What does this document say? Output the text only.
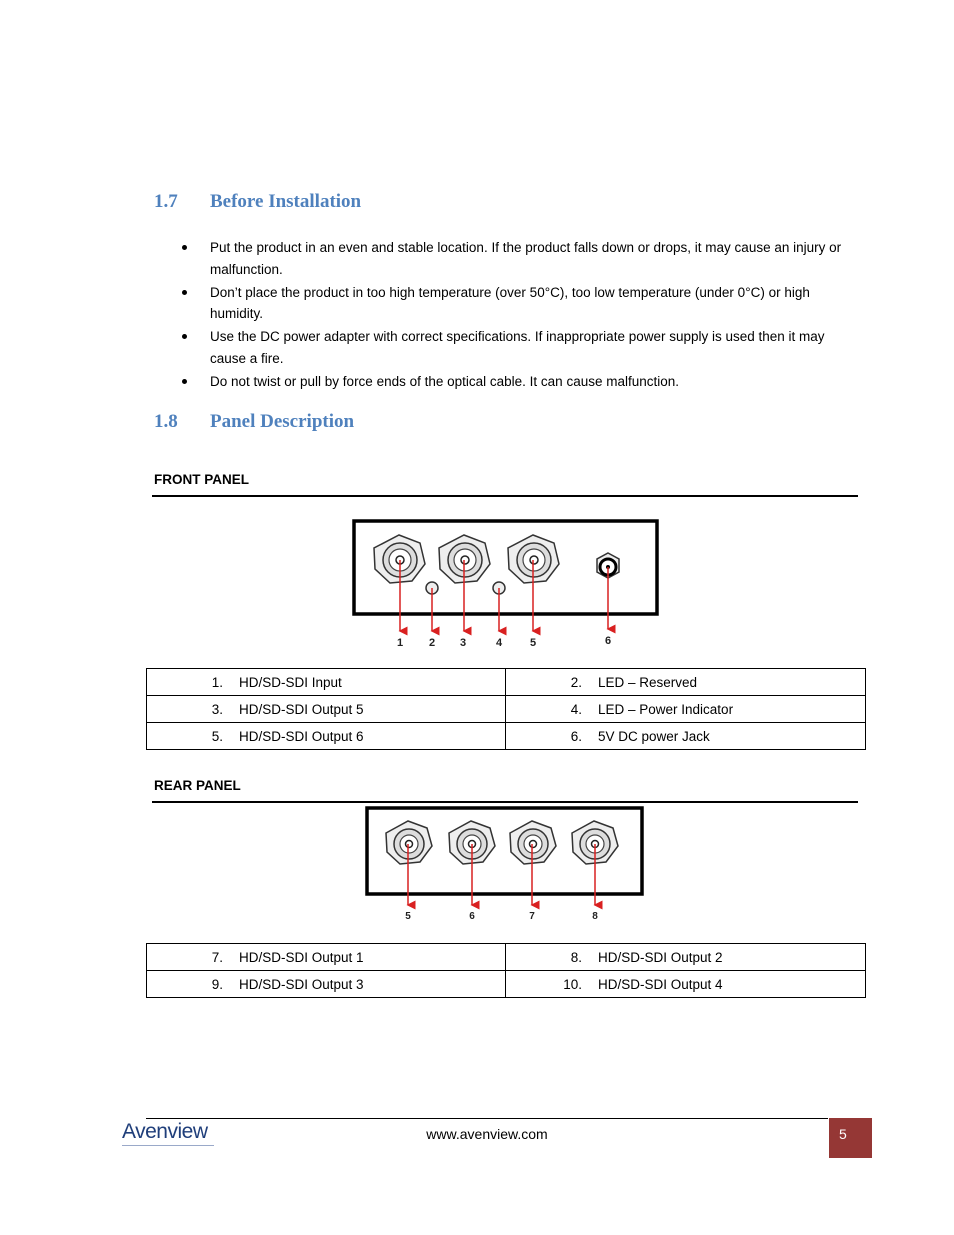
1.7 Before Installation
Put the product in an even and stable location. If the product falls down or drops, it may cause an injury or malfunction.
Don’t place the product in too high temperature (over 50°C), too low temperature (under 0°C) or high humidity.
Use the DC power adapter with correct specifications. If inappropriate power supply is used then it may cause a fire.
Do not twist or pull by force ends of the optical cable. It can cause malfunction.
1.8 Panel Description
FRONT PANEL
1 2 3	4	5	6
1. HD/SD-SDI Input	2. LED – Reserved

3. HD/SD-SDI Output 5	4. LED – Power Indicator

5. HD/SD-SDI Output 6	6. 5V DC power Jack
REAR PANEL
5	6	7	8
7. HD/SD-SDI Output 1	8. HD/SD-SDI Output 2

9. HD/SD-SDI Output 3	10. HD/SD-SDI Output 4
Avenview	www.avenview.com	5
